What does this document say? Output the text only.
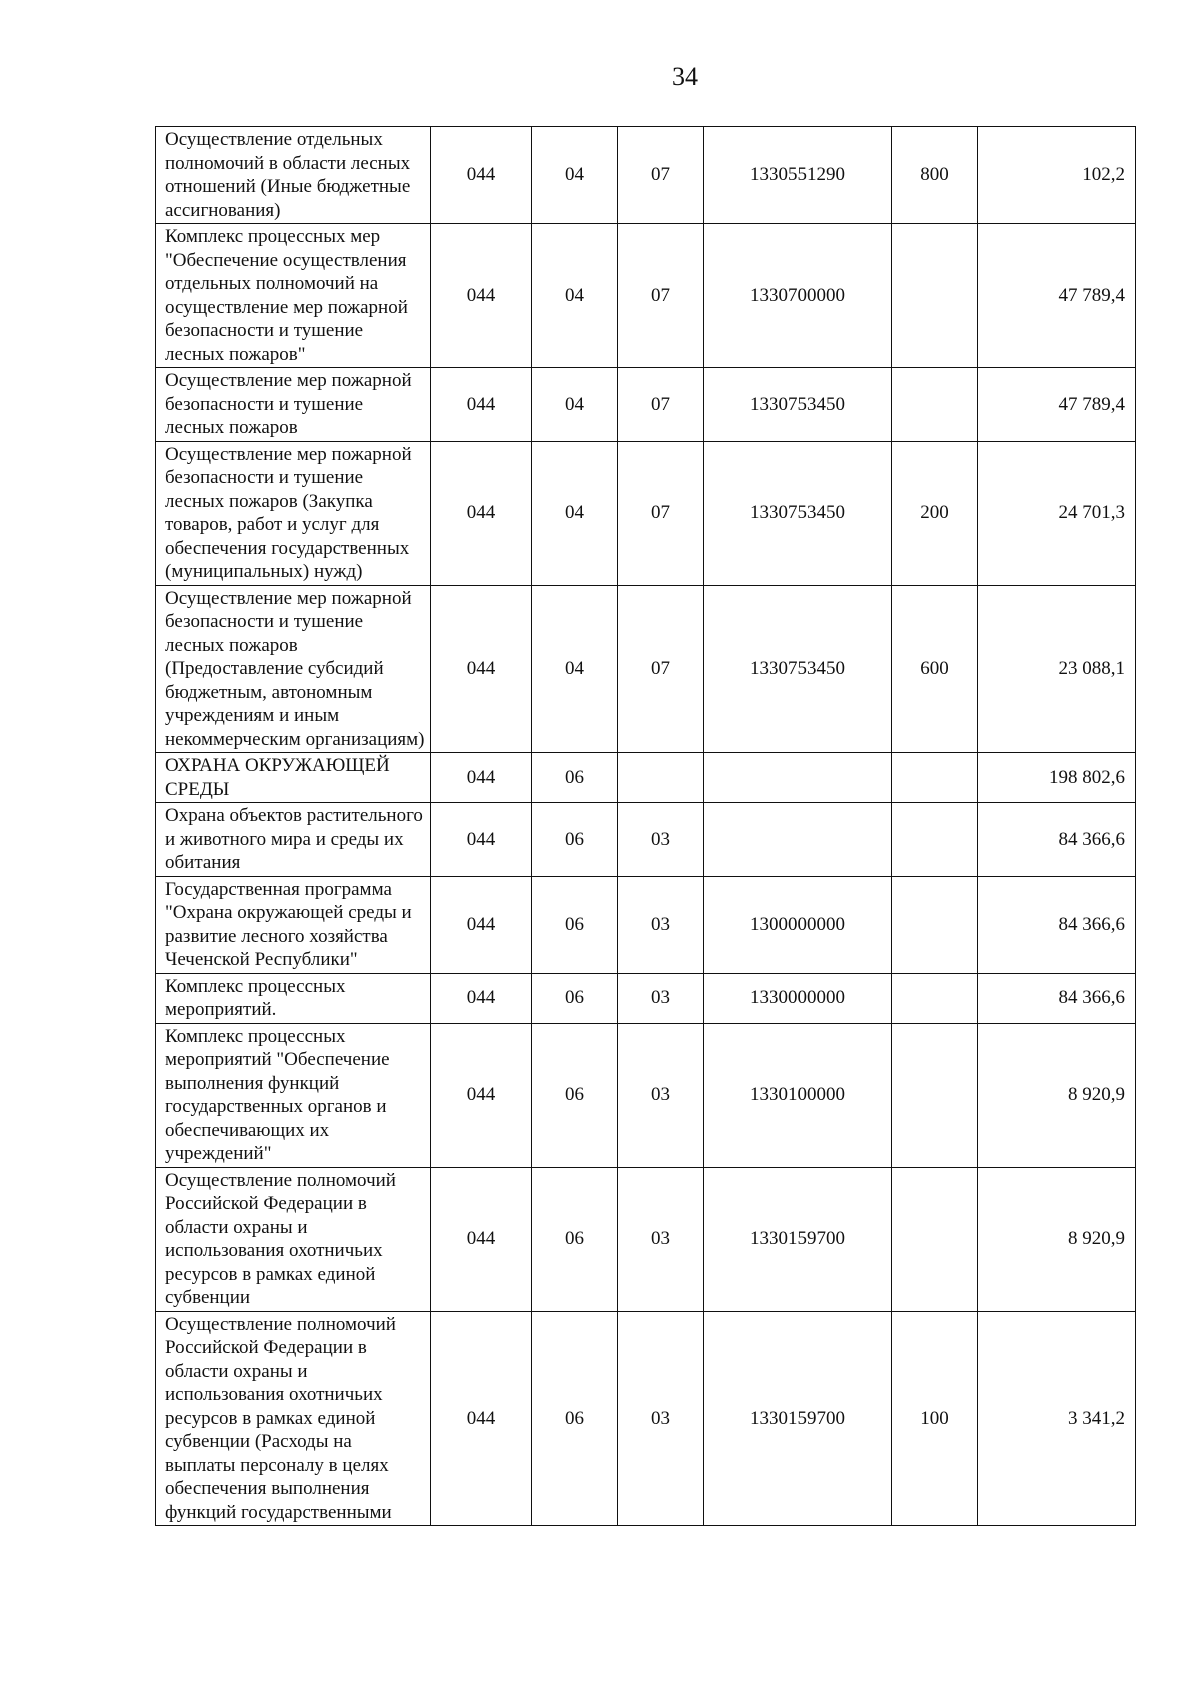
34
Осуществление отдельных полномочий в области лесных отношений (Иные бюджетные ассигнования)	044	04	07	1330551290	800	102,2
Комплекс процессных мер "Обеспечение осуществления отдельных полномочий на осуществление мер пожарной безопасности и тушение лесных пожаров"	044	04	07	1330700000		47 789,4
Осуществление мер пожарной безопасности и тушение лесных пожаров	044	04	07	1330753450		47 789,4
Осуществление мер пожарной безопасности и тушение лесных пожаров (Закупка товаров, работ и услуг для обеспечения государственных (муниципальных) нужд)	044	04	07	1330753450	200	24 701,3
Осуществление мер пожарной безопасности и тушение лесных пожаров (Предоставление субсидий бюджетным, автономным учреждениям и иным некоммерческим организациям)	044	04	07	1330753450	600	23 088,1
ОХРАНА ОКРУЖАЮЩЕЙ СРЕДЫ	044	06				198 802,6
Охрана объектов растительного и животного мира и среды их обитания	044	06	03			84 366,6
Государственная программа "Охрана окружающей среды и развитие лесного хозяйства Чеченской Республики"	044	06	03	1300000000		84 366,6
Комплекс процессных мероприятий.	044	06	03	1330000000		84 366,6
Комплекс процессных мероприятий "Обеспечение выполнения функций государственных органов и обеспечивающих их учреждений"	044	06	03	1330100000		8 920,9
Осуществление полномочий Российской Федерации в области охраны и использования охотничьих ресурсов в рамках единой субвенции	044	06	03	1330159700		8 920,9
Осуществление полномочий Российской Федерации в области охраны и использования охотничьих ресурсов в рамках единой субвенции (Расходы на выплаты персоналу в целях обеспечения выполнения функций государственными	044	06	03	1330159700	100	3 341,2
